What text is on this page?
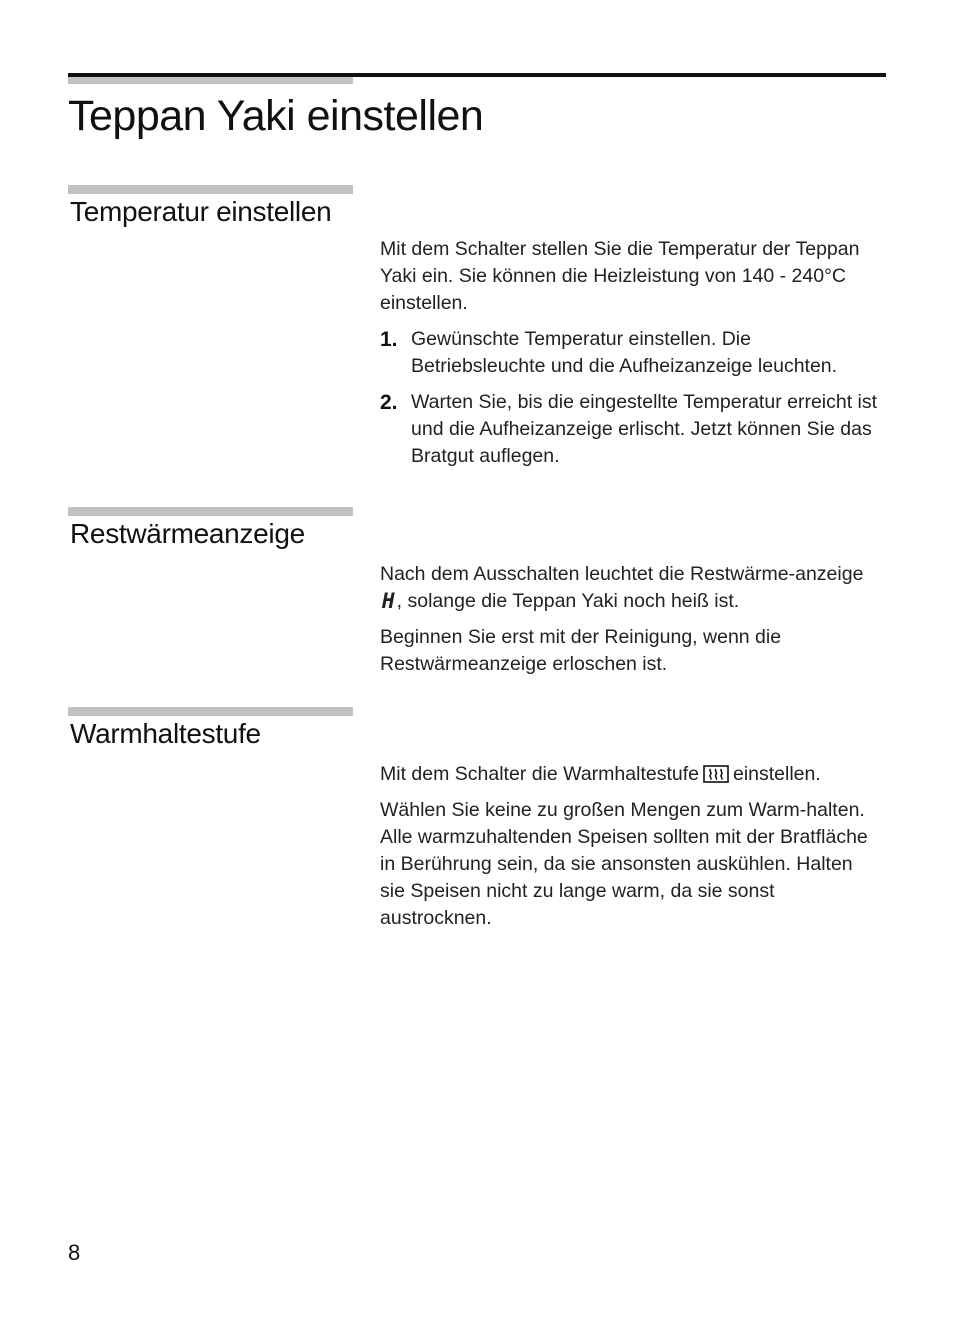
Teppan Yaki einstellen
Temperatur einstellen

Mit dem Schalter stellen Sie die Temperatur der Teppan Yaki ein. Sie können die Heizleistung von 140 - 240°C einstellen.

1. Gewünschte Temperatur einstellen. Die Betriebsleuchte und die Aufheizanzeige leuchten.
2. Warten Sie, bis die eingestellte Temperatur erreicht ist und die Aufheizanzeige erlischt. Jetzt können Sie das Bratgut auflegen.
Restwärmeanzeige

Nach dem Ausschalten leuchtet die Restwärme-anzeige H , solange die Teppan Yaki noch heiß ist.

Beginnen Sie erst mit der Reinigung, wenn die Restwärmeanzeige erloschen ist.

Warmhaltestufe

Mit dem Schalter die Warmhaltestufe einstellen.

Wählen Sie keine zu großen Mengen zum Warm-halten. Alle warmzuhaltenden Speisen sollten mit der Bratfläche in Berührung sein, da sie ansonsten auskühlen. Halten sie Speisen nicht zu lange warm, da sie sonst austrocknen.

8
